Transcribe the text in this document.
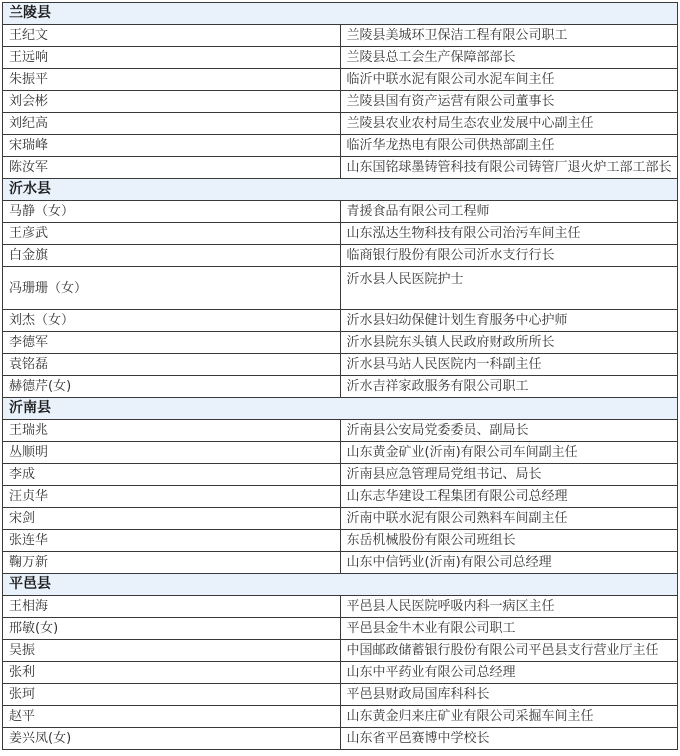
兰陵县	
王纪文	兰陵县美城环卫保洁工程有限公司职工
王远响	兰陵县总工会生产保障部部长
朱振平	临沂中联水泥有限公司水泥车间主任
刘会彬	兰陵县国有资产运营有限公司董事长
刘纪高	兰陵县农业农村局生态农业发展中心副主任
宋瑞峰	临沂华龙热电有限公司供热部副主任
陈汝军	山东国铭球墨铸管科技有限公司铸管厂退火炉工部工部长
沂水县	
马静（女）	青援食品有限公司工程师
王彦武	山东泓达生物科技有限公司治污车间主任
白金旗	临商银行股份有限公司沂水支行行长
冯珊珊（女）	沂水县人民医院护士
刘杰（女）	沂水县妇幼保健计划生育服务中心护师
李德军	沂水县院东头镇人民政府财政所所长
袁铭磊	沂水县马站人民医院内一科副主任
赫德芹(女)	沂水吉祥家政服务有限公司职工
沂南县	
王瑞兆	沂南县公安局党委委员、副局长
丛顺明	山东黄金矿业(沂南)有限公司车间副主任
李成	沂南县应急管理局党组书记、局长
汪贞华	山东志华建设工程集团有限公司总经理
宋剑	沂南中联水泥有限公司熟料车间副主任
张连华	东岳机械股份有限公司班组长
鞠万新	山东中信钙业(沂南)有限公司总经理
平邑县	
王相海	平邑县人民医院呼吸内科一病区主任
邢敏(女)	平邑县金牛木业有限公司职工
吴振	中国邮政储蓄银行股份有限公司平邑县支行营业厅主任
张利	山东中平药业有限公司总经理
张珂	平邑县财政局国库科科长
赵平	山东黄金归来庄矿业有限公司采掘车间主任
姜兴凤(女)	山东省平邑赛博中学校长
